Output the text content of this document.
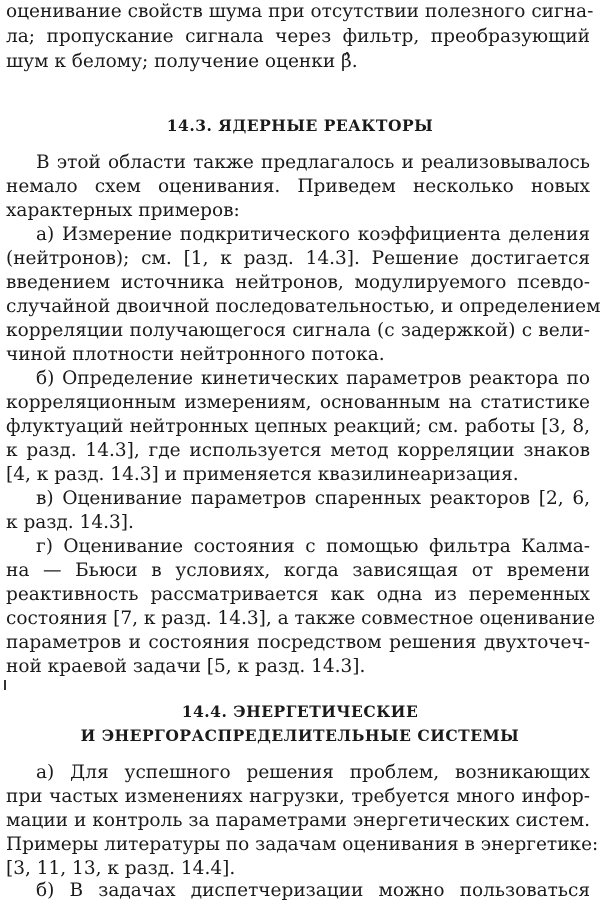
оценивание свойств шума при отсутствии полезного сигна-
ла; пропускание сигнала через фильтр, преобразующий
шум к белому; получение оценки β̂.
14.3. ЯДЕРНЫЕ РЕАКТОРЫ
В этой области также предлагалось и реализовывалось
немало схем оценивания. Приведем несколько новых
характерных примеров:
а) Измерение подкритического коэффициента деления
(нейтронов); см. [1, к разд. 14.3]. Решение достигается
введением источника нейтронов, модулируемого псевдо-
случайной двоичной последовательностью, и определением
корреляции получающегося сигнала (с задержкой) с вели-
чиной плотности нейтронного потока.
б) Определение кинетических параметров реактора по
корреляционным измерениям, основанным на статистике
флуктуаций нейтронных цепных реакций; см. работы [3, 8,
к разд. 14.3], где используется метод корреляции знаков
[4, к разд. 14.3] и применяется квазилинеаризация.
в) Оценивание параметров спаренных реакторов [2, 6,
к разд. 14.3].
г) Оценивание состояния с помощью фильтра Калма-
на — Бьюси в условиях, когда зависящая от времени
реактивность рассматривается как одна из переменных
состояния [7, к разд. 14.3], а также совместное оценивание
параметров и состояния посредством решения двухточеч-
ной краевой задачи [5, к разд. 14.3].
14.4. ЭНЕРГЕТИЧЕСКИЕ
И ЭНЕРГОРАСПРЕДЕЛИТЕЛЬНЫЕ СИСТЕМЫ
а) Для успешного решения проблем, возникающих
при частых изменениях нагрузки, требуется много инфор-
мации и контроль за параметрами энергетических систем.
Примеры литературы по задачам оценивания в энергетике:
[3, 11, 13, к разд. 14.4].
б) В задачах диспетчеризации можно пользоваться
